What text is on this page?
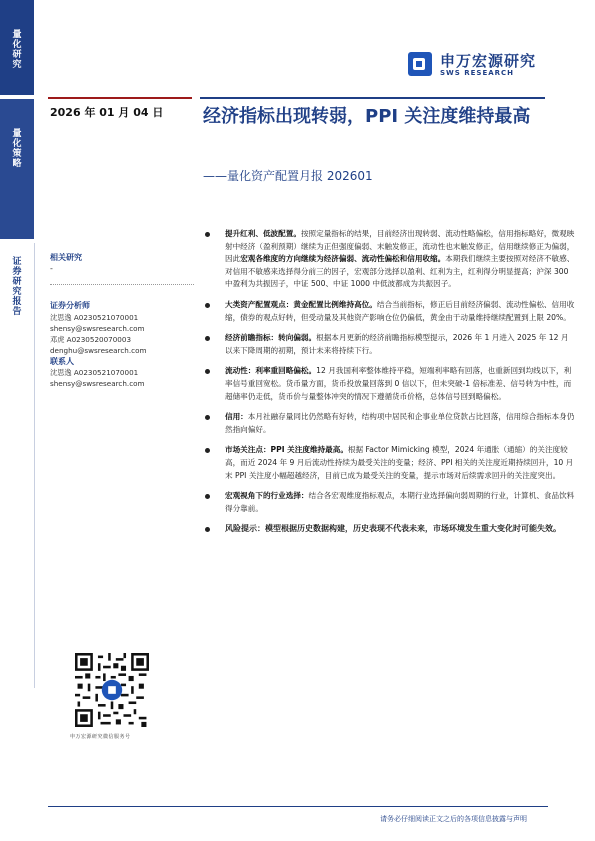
量化研究
量化策略
证券研究报告
申万宏源研究
SWS RESEARCH
2026 年 01 月 04 日 经济指标出现转弱，PPI 关注度维持最高
——量化资产配置月报 202601
相关研究
-
证券分析师
沈思逸 A0230521070001
shensy@swsresearch.com
邓虎 A0230520070003
denghu@swsresearch.com
联系人
沈思逸 A0230521070001
shensy@swsresearch.com
提升红利、低波配置。按照定量指标的结果，目前经济出现转弱、流动性略偏松，信用指标略好，微观映射中经济（盈利预期）继续为正但强度偏弱、末触发修正，流动性也末触发修正，信用继续修正为偏弱，因此宏观各维度的方向继续为经济偏弱、流动性偏松和信用收缩。本期我们继续主要按照对经济不敏感、对信用不敏感来选择得分前三的因子，宏观部分选择以盈利、红利为主，红利得分明显提高；沪深 300 中盈利为共振因子，中证 500、中证 1000 中低波都成为共振因子。
大类资产配置观点：黄金配置比例维持高位。结合当前指标，修正后目前经济偏弱、流动性偏松、信用收缩，债券的观点好转，但受动量及其他资产影响仓位仍偏低，黄金由于动量维持继续配置到上限 20%。
经济前瞻指标：转向偏弱。根据本月更新的经济前瞻指标模型提示，2026 年 1 月进入 2025 年 12 月以来下降周期的初期，预计未来将持续下行。
流动性：利率重回略偏松。12 月我国利率整体维持平稳，短端利率略有回落，也重新回到均线以下，利率信号重回宽松。货币量方面，货币投放量回落到 0 信以下，但未突破-1 倍标准差、信号转为中性，而超储率仍走低，货币价与量整体冲突的情况下遵循货币价格，总体信号回到略偏松。
信用：本月社融存量同比仍然略有好转，结构项中居民和企事业单位贷款占比回落，信用综合指标本身仍然指向偏好。
市场关注点：PPI 关注度维持最高。根据 Factor Mimicking 模型，2024 年通胀（通缩）的关注度较高，而近 2024 年 9 月后流动性持续为最受关注的变量；经济、PPI 相关的关注度近期持续回升，10 月末 PPI 关注度小幅超越经济，目前已成为最受关注的变量，提示市场对后续需求回升的关注度突出。
宏观视角下的行业选择：结合各宏观维度指标观点，本期行业选择偏向弱周期的行业，计算机、食品饮料得分靠前。
风险提示：模型根据历史数据构建，历史表现不代表未来，市场环境发生重大变化时可能失效。
申万宏源研究微信服务号
请务必仔细阅读正文之后的各项信息披露与声明
